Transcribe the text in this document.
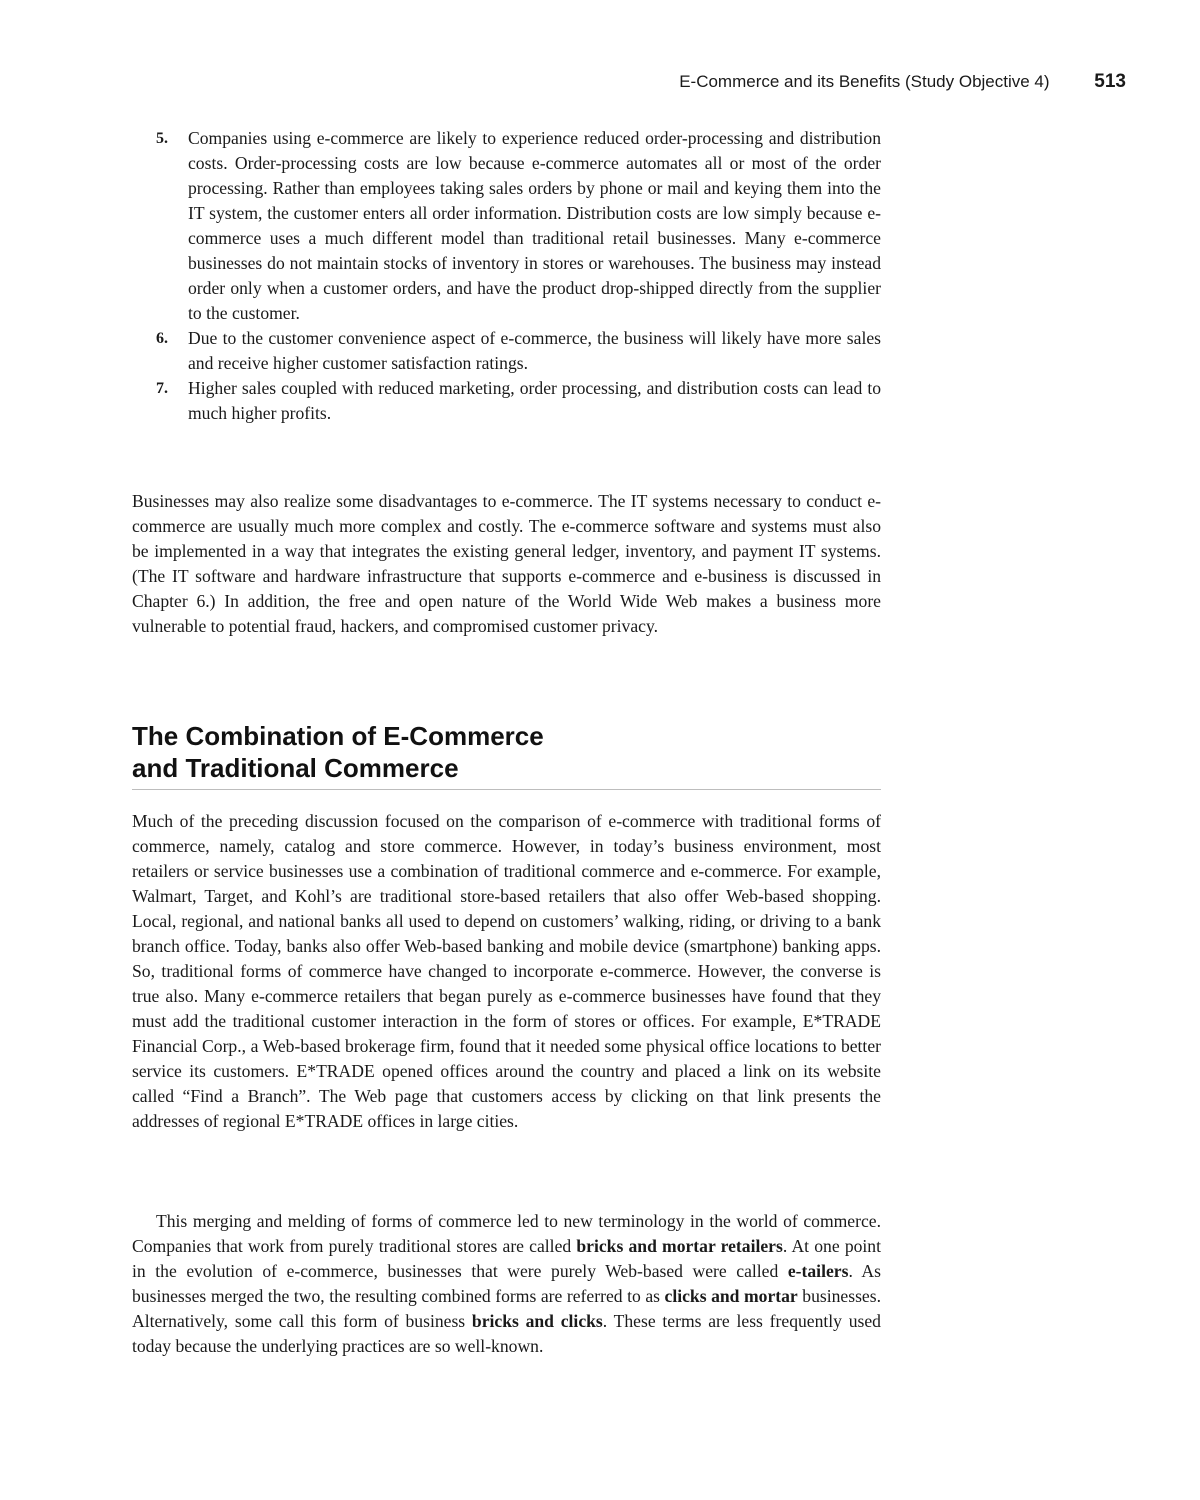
E-Commerce and its Benefits (Study Objective 4) 513
5. Companies using e-commerce are likely to experience reduced order-processing and distribution costs. Order-processing costs are low because e-commerce automates all or most of the order processing. Rather than employees taking sales orders by phone or mail and keying them into the IT system, the customer enters all order information. Distribution costs are low simply because e-commerce uses a much different model than traditional retail businesses. Many e-commerce businesses do not maintain stocks of inventory in stores or warehouses. The business may instead order only when a customer orders, and have the product drop-shipped directly from the supplier to the customer.
6. Due to the customer convenience aspect of e-commerce, the business will likely have more sales and receive higher customer satisfaction ratings.
7. Higher sales coupled with reduced marketing, order processing, and distribution costs can lead to much higher profits.

Businesses may also realize some disadvantages to e-commerce. The IT systems necessary to conduct e-commerce are usually much more complex and costly. The e-commerce software and systems must also be implemented in a way that integrates the existing general ledger, inventory, and payment IT systems. (The IT software and hardware infrastructure that supports e-commerce and e-business is discussed in Chapter 6.) In addition, the free and open nature of the World Wide Web makes a business more vulnerable to potential fraud, hackers, and compromised customer privacy.

The Combination of E-Commerce
and Traditional Commerce

Much of the preceding discussion focused on the comparison of e-commerce with traditional forms of commerce, namely, catalog and store commerce. However, in today’s business environment, most retailers or service businesses use a combination of traditional commerce and e-commerce. For example, Walmart, Target, and Kohl’s are traditional store-based retailers that also offer Web-based shopping. Local, regional, and national banks all used to depend on customers’ walking, riding, or driving to a bank branch office. Today, banks also offer Web-based banking and mobile device (smartphone) banking apps. So, traditional forms of commerce have changed to incorporate e-commerce. However, the converse is true also. Many e-commerce retailers that began purely as e-commerce businesses have found that they must add the traditional customer interaction in the form of stores or offices. For example, E*TRADE Financial Corp., a Web-based brokerage firm, found that it needed some physical office locations to better service its customers. E*TRADE opened offices around the country and placed a link on its website called “Find a Branch”. The Web page that customers access by clicking on that link presents the addresses of regional E*TRADE offices in large cities.

This merging and melding of forms of commerce led to new terminology in the world of commerce. Companies that work from purely traditional stores are called bricks and mortar retailers. At one point in the evolution of e-commerce, businesses that were purely Web-based were called e-tailers. As businesses merged the two, the resulting combined forms are referred to as clicks and mortar businesses. Alternatively, some call this form of business bricks and clicks. These terms are less frequently used today because the underlying practices are so well-known.
